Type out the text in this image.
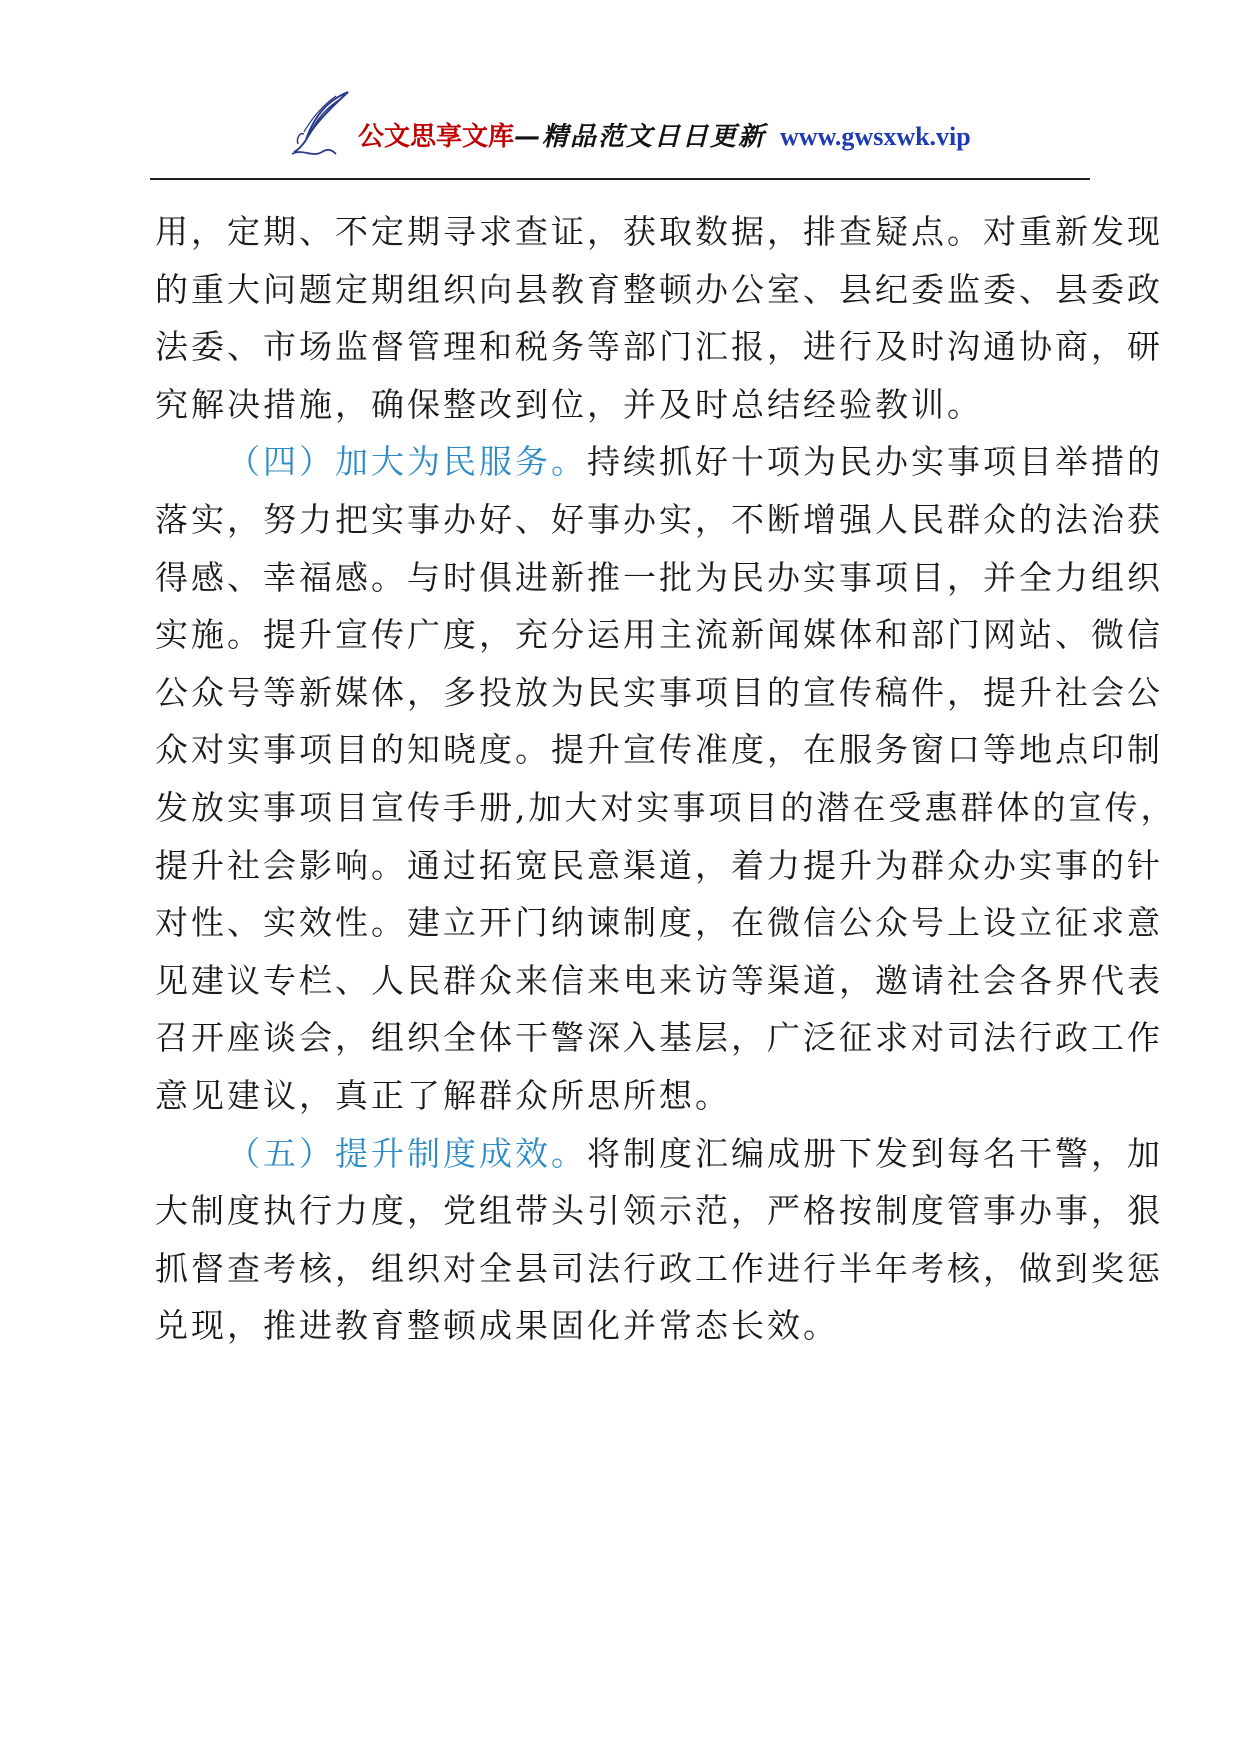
公文思享文库—精品范文日日更新 www.gwsxwk.vip

用，定期、不定期寻求查证，获取数据，排查疑点。对重新发现
的重大问题定期组织向县教育整顿办公室、县纪委监委、县委政
法委、市场监督管理和税务等部门汇报，进行及时沟通协商，研
究解决措施，确保整改到位，并及时总结经验教训。

（四）加大为民服务。持续抓好十项为民办实事项目举措的
落实，努力把实事办好、好事办实，不断增强人民群众的法治获
得感、幸福感。与时俱进新推一批为民办实事项目，并全力组织
实施。提升宣传广度，充分运用主流新闻媒体和部门网站、微信
公众号等新媒体，多投放为民实事项目的宣传稿件，提升社会公
众对实事项目的知晓度。提升宣传准度，在服务窗口等地点印制
发放实事项目宣传手册,加大对实事项目的潜在受惠群体的宣传，
提升社会影响。通过拓宽民意渠道，着力提升为群众办实事的针
对性、实效性。建立开门纳谏制度，在微信公众号上设立征求意
见建议专栏、人民群众来信来电来访等渠道，邀请社会各界代表
召开座谈会，组织全体干警深入基层，广泛征求对司法行政工作
意见建议，真正了解群众所思所想。

（五）提升制度成效。将制度汇编成册下发到每名干警，加
大制度执行力度，党组带头引领示范，严格按制度管事办事，狠
抓督查考核，组织对全县司法行政工作进行半年考核，做到奖惩
兑现，推进教育整顿成果固化并常态长效。
